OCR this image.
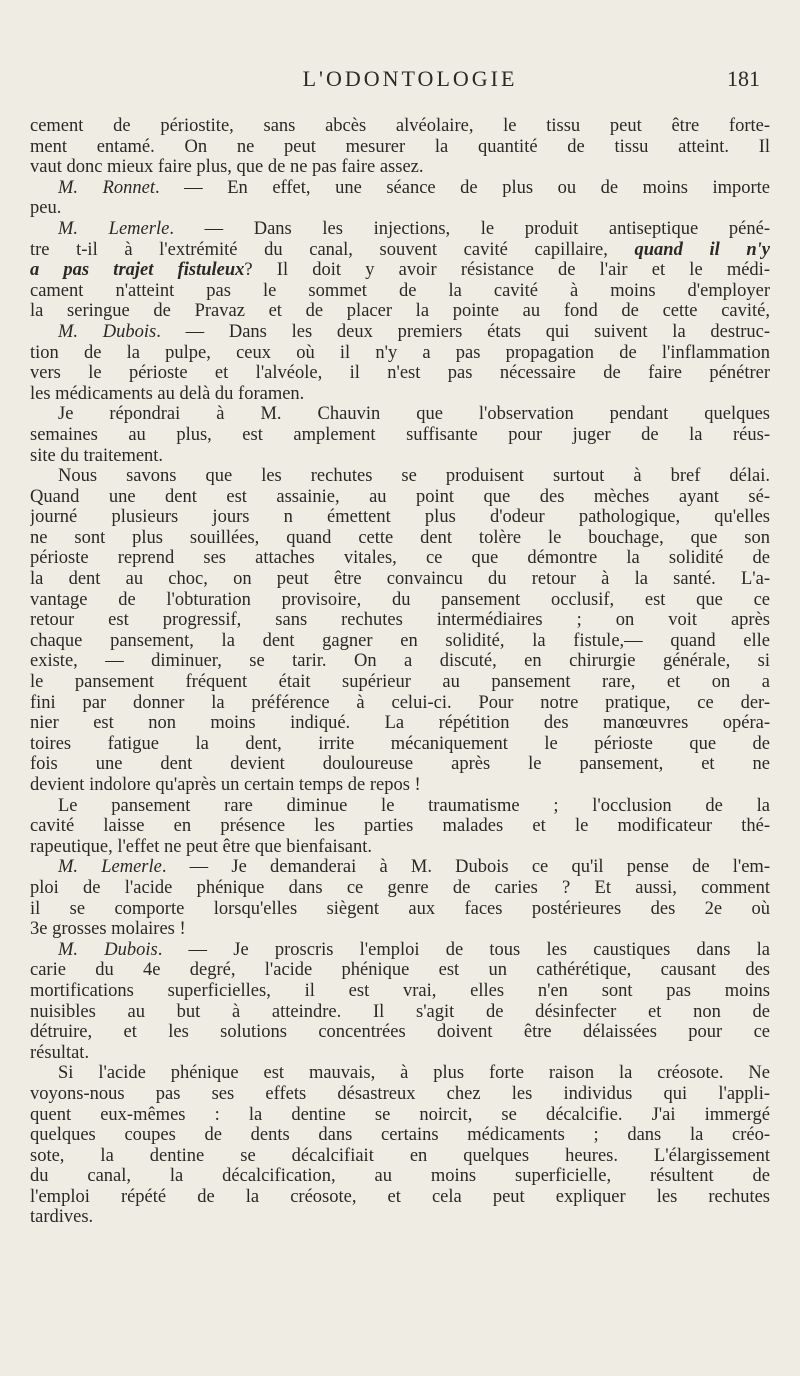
L'ODONTOLOGIE	181
cement de périostite, sans abcès alvéolaire, le tissu peut être forte-
ment entamé. On ne peut mesurer la quantité de tissu atteint. Il
vaut donc mieux faire plus, que de ne pas faire assez.
M. Ronnet. — En effet, une séance de plus ou de moins importe
peu.
M. Lemerle. — Dans les injections, le produit antiseptique péné-
tre t-il à l'extrémité du canal, souvent cavité capillaire, quand il n'y
a pas trajet fistuleux? Il doit y avoir résistance de l'air et le médi-
cament n'atteint pas le sommet de la cavité à moins d'employer
la seringue de Pravaz et de placer la pointe au fond de cette cavité,
M. Dubois. — Dans les deux premiers états qui suivent la destruc-
tion de la pulpe, ceux où il n'y a pas propagation de l'inflammation
vers le périoste et l'alvéole, il n'est pas nécessaire de faire pénétrer
les médicaments au delà du foramen.
Je répondrai à M. Chauvin que l'observation pendant quelques
semaines au plus, est amplement suffisante pour juger de la réus-
site du traitement.
Nous savons que les rechutes se produisent surtout à bref délai.
Quand une dent est assainie, au point que des mèches ayant sé-
journé plusieurs jours n émettent plus d'odeur pathologique, qu'elles
ne sont plus souillées, quand cette dent tolère le bouchage, que son
périoste reprend ses attaches vitales, ce que démontre la solidité de
la dent au choc, on peut être convaincu du retour à la santé. L'a-
vantage de l'obturation provisoire, du pansement occlusif, est que ce
retour est progressif, sans rechutes intermédiaires ; on voit après
chaque pansement, la dent gagner en solidité, la fistule,— quand elle
existe, — diminuer, se tarir. On a discuté, en chirurgie générale, si
le pansement fréquent était supérieur au pansement rare, et on a
fini par donner la préférence à celui-ci. Pour notre pratique, ce der-
nier est non moins indiqué. La répétition des manœuvres opéra-
toires fatigue la dent, irrite mécaniquement le périoste que de
fois une dent devient douloureuse après le pansement, et ne
devient indolore qu'après un certain temps de repos !
Le pansement rare diminue le traumatisme ; l'occlusion de la
cavité laisse en présence les parties malades et le modificateur thé-
rapeutique, l'effet ne peut être que bienfaisant.
M. Lemerle. — Je demanderai à M. Dubois ce qu'il pense de l'em-
ploi de l'acide phénique dans ce genre de caries ? Et aussi, comment
il se comporte lorsqu'elles siègent aux faces postérieures des 2e où
3e grosses molaires !
M. Dubois. — Je proscris l'emploi de tous les caustiques dans la
carie du 4e degré, l'acide phénique est un cathérétique, causant des
mortifications superficielles, il est vrai, elles n'en sont pas moins
nuisibles au but à atteindre. Il s'agit de désinfecter et non de
détruire, et les solutions concentrées doivent être délaissées pour ce
résultat.
Si l'acide phénique est mauvais, à plus forte raison la créosote. Ne
voyons-nous pas ses effets désastreux chez les individus qui l'appli-
quent eux-mêmes : la dentine se noircit, se décalcifie. J'ai immergé
quelques coupes de dents dans certains médicaments ; dans la créo-
sote, la dentine se décalcifiait en quelques heures. L'élargissement
du canal, la décalcification, au moins superficielle, résultent de
l'emploi répété de la créosote, et cela peut expliquer les rechutes
tardives.
